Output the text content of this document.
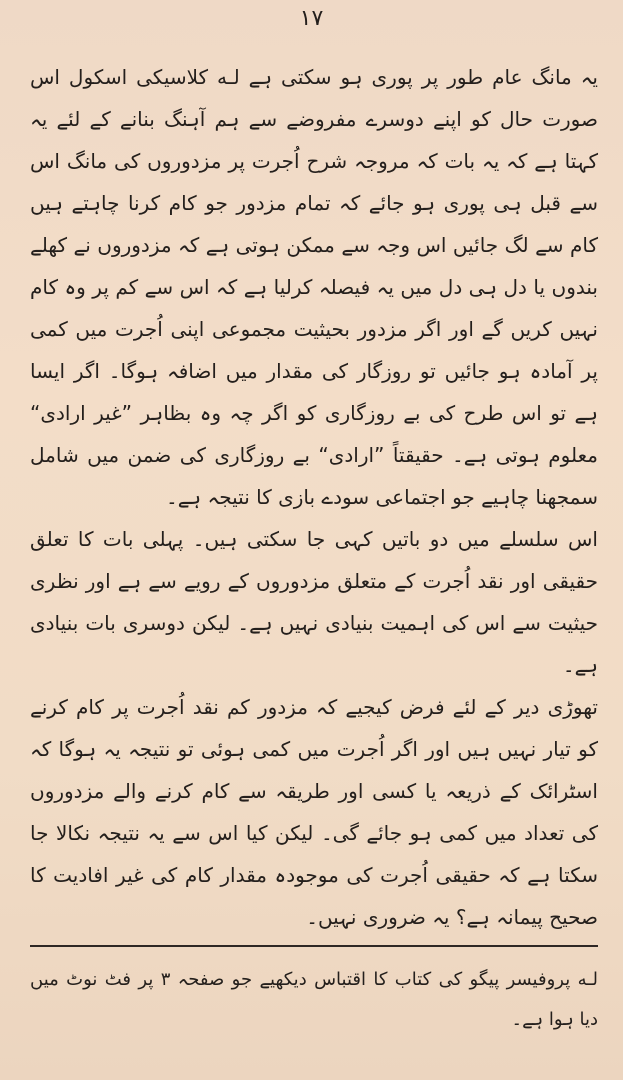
١٧

یہ مانگ عام طور پر پوری ہو سکتی ہے لـه کلاسیکی اسکول اس صورت حال کو اپنے دوسرے مفروضے سے ہم آہنگ بنانے کے لئے یہ کہتا ہے کہ یہ بات کہ مروجہ شرح اُجرت پر مزدوروں کی مانگ اس سے قبل ہی پوری ہو جائے کہ تمام مزدور جو کام کرنا چاہتے ہیں کام سے لگ جائیں اس وجہ سے ممکن ہوتی ہے کہ مزدوروں نے کھلے بندوں یا دل ہی دل میں یہ فیصلہ کرلیا ہے کہ اس سے کم پر وہ کام نہیں کریں گے اور اگر مزدور بحیثیت مجموعی اپنی اُجرت میں کمی پر آمادہ ہو جائیں تو روزگار کی مقدار میں اضافہ ہوگا۔ اگر ایسا ہے تو اس طرح کی بے روزگاری کو اگر چہ وہ بظاہر ”غیر ارادی“ معلوم ہوتی ہے۔ حقیقتاً ”ارادی“ بے روزگاری کی ضمن میں شامل سمجھنا چاہیے جو اجتماعی سودے بازی کا نتیجہ ہے۔

اس سلسلے میں دو باتیں کہی جا سکتی ہیں۔ پہلی بات کا تعلق حقیقی اور نقد اُجرت کے متعلق مزدوروں کے رویے سے ہے اور نظری حیثیت سے اس کی اہمیت بنیادی نہیں ہے۔ لیکن دوسری بات بنیادی ہے۔

تھوڑی دیر کے لئے فرض کیجیے کہ مزدور کم نقد اُجرت پر کام کرنے کو تیار نہیں ہیں اور اگر اُجرت میں کمی ہوئی تو نتیجہ یہ ہوگا کہ اسٹرائک کے ذریعہ یا کسی اور طریقہ سے کام کرنے والے مزدوروں کی تعداد میں کمی ہو جائے گی۔ لیکن کیا اس سے یہ نتیجہ نکالا جا سکتا ہے کہ حقیقی اُجرت کی موجودہ مقدار کام کی غیر افادیت کا صحیح پیمانہ ہے؟ یہ ضروری نہیں۔

لـه پروفیسر پیگو کی کتاب کا اقتباس دیکھیے جو صفحہ ۳ پر فٹ نوٹ میں دیا ہوا ہے۔
